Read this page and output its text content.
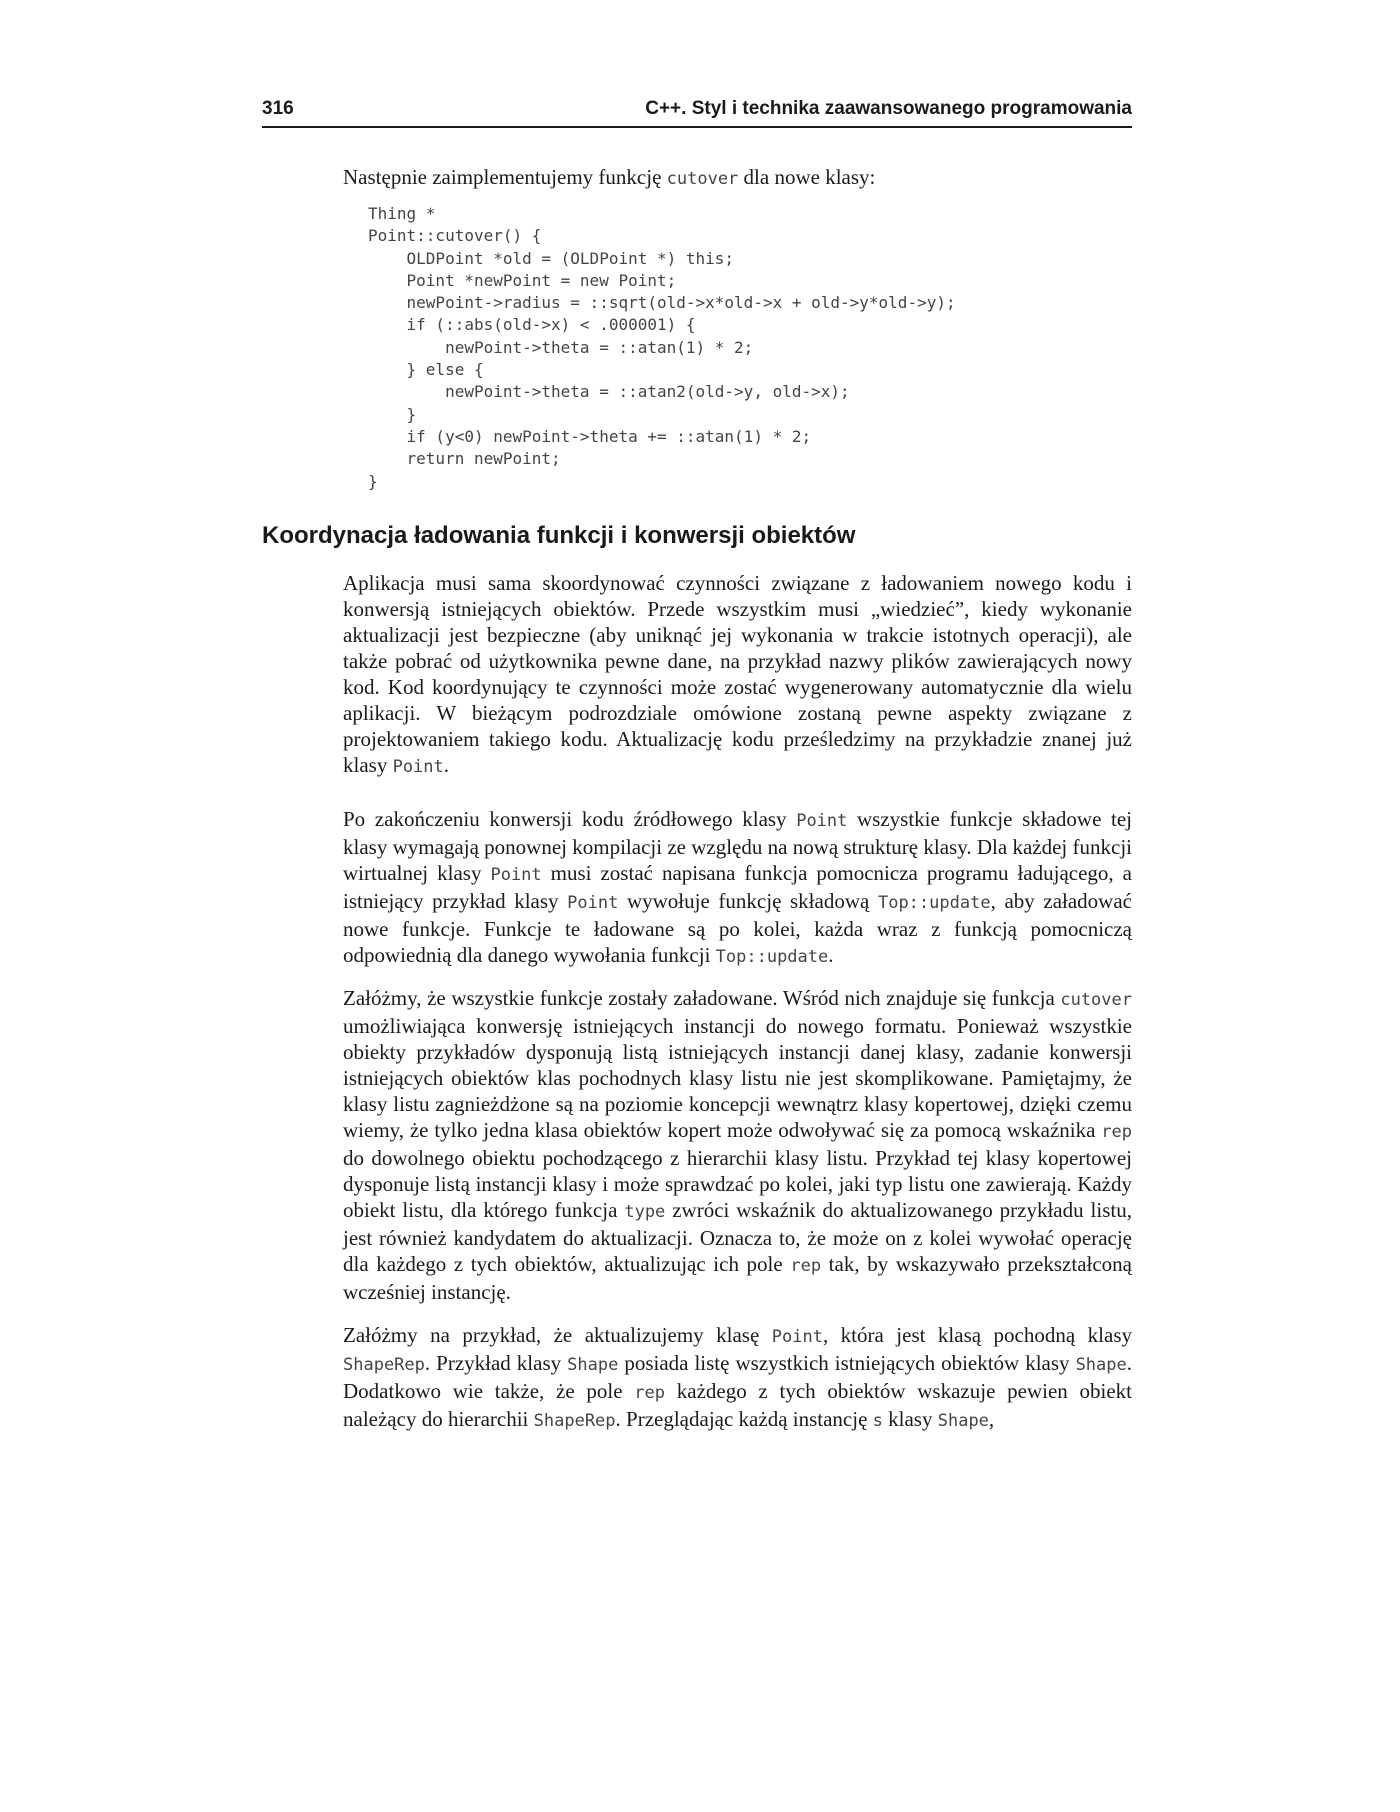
316	C++. Styl i technika zaawansowanego programowania

Następnie zaimplementujemy funkcję cutover dla nowe klasy:

Thing *
Point::cutover() {
OLDPoint *old = (OLDPoint *) this;
Point *newPoint = new Point;
newPoint->radius = ::sqrt(old->x*old->x + old->y*old->y);
if (::abs(old->x) < .000001) {
newPoint->theta = ::atan(1) * 2;
} else {
newPoint->theta = ::atan2(old->y, old->x);
}
if (y<0) newPoint->theta += ::atan(1) * 2;
return newPoint;
}
Koordynacja ładowania funkcji i konwersji obiektów

Aplikacja musi sama skoordynować czynności związane z ładowaniem nowego kodu i konwersją istniejących obiektów. Przede wszystkim musi „wiedzieć”, kiedy wykonanie aktualizacji jest bezpieczne (aby uniknąć jej wykonania w trakcie istotnych operacji), ale także pobrać od użytkownika pewne dane, na przykład nazwy plików zawierających nowy kod. Kod koordynujący te czynności może zostać wygenerowany automatycznie dla wielu aplikacji. W bieżącym podrozdziale omówione zostaną pewne aspekty związane z projektowaniem takiego kodu. Aktualizację kodu prześledzimy na przykładzie znanej już klasy Point.

Po zakończeniu konwersji kodu źródłowego klasy Point wszystkie funkcje składowe tej klasy wymagają ponownej kompilacji ze względu na nową strukturę klasy. Dla każdej funkcji wirtualnej klasy Point musi zostać napisana funkcja pomocnicza programu ładującego, a istniejący przykład klasy Point wywołuje funkcję składową Top::update, aby załadować nowe funkcje. Funkcje te ładowane są po kolei, każda wraz z funkcją pomocniczą odpowiednią dla danego wywołania funkcji Top::update.

Załóżmy, że wszystkie funkcje zostały załadowane. Wśród nich znajduje się funkcja cutover umożliwiająca konwersję istniejących instancji do nowego formatu. Ponieważ wszystkie obiekty przykładów dysponują listą istniejących instancji danej klasy, zadanie konwersji istniejących obiektów klas pochodnych klasy listu nie jest skomplikowane. Pamiętajmy, że klasy listu zagnieżdżone są na poziomie koncepcji wewnątrz klasy kopertowej, dzięki czemu wiemy, że tylko jedna klasa obiektów kopert może odwoływać się za pomocą wskaźnika rep do dowolnego obiektu pochodzącego z hierarchii klasy listu. Przykład tej klasy kopertowej dysponuje listą instancji klasy i może sprawdzać po kolei, jaki typ listu one zawierają. Każdy obiekt listu, dla którego funkcja type zwróci wskaźnik do aktualizowanego przykładu listu, jest również kandydatem do aktualizacji. Oznacza to, że może on z kolei wywołać operację dla każdego z tych obiektów, aktualizując ich pole rep tak, by wskazywało przekształconą wcześniej instancję.

Załóżmy na przykład, że aktualizujemy klasę Point, która jest klasą pochodną klasy ShapeRep. Przykład klasy Shape posiada listę wszystkich istniejących obiektów klasy Shape. Dodatkowo wie także, że pole rep każdego z tych obiektów wskazuje pewien obiekt należący do hierarchii ShapeRep. Przeglądając każdą instancję s klasy Shape,
